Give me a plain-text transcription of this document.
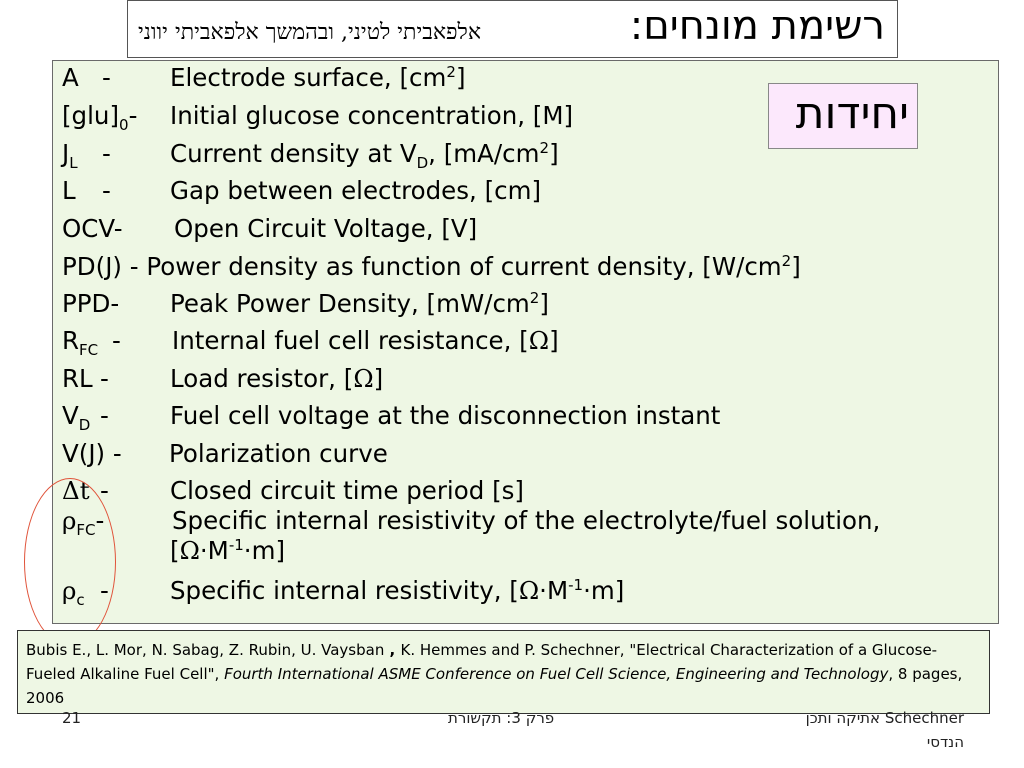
רשימת מונחים:
אלפאביתי לטיני, ובהמשך אלפאביתי יווני
יחידות
A - Electrode surface, $[cm^2]$
$[glu]_0-$ Initial glucose concentration, [M]
$J_L$ - Current density at $V_D$, $[mA/cm^2]$
L - Gap between electrodes, [cm]
OCV- Open Circuit Voltage, [V]
PD(J) - Power density as function of current density, $[W/cm^2]$
PPD- Peak Power Density, $[mW/cm^2]$
$R_{FC}$ - Internal fuel cell resistance, [Ω]
RL - Load resistor, [Ω]
$V_D$ - Fuel cell voltage at the disconnection instant
V(J) - Polarization curve
Δt - Closed circuit time period [s]
$\rho_{FC}-$	Specific internal resistivity of the electrolyte/fuel solution,
$[\Omega\cdot M^{-1}\cdot m]$
$\rho_c$ - Specific internal resistivity, $[\Omega\cdot M^{-1}\cdot m]$
Bubis E., L. Mor, N. Sabag, Z. Rubin, U. Vaysban , K. Hemmes and P. Schechner, "Electrical Characterization of a Glucose-Fueled Alkaline Fuel Cell", Fourth International ASME Conference on Fuel Cell Science, Engineering and Technology, 8 pages, 2006
21	פרק 3: תקשורת	Schechner אתיקה ותכן
הנדסי
